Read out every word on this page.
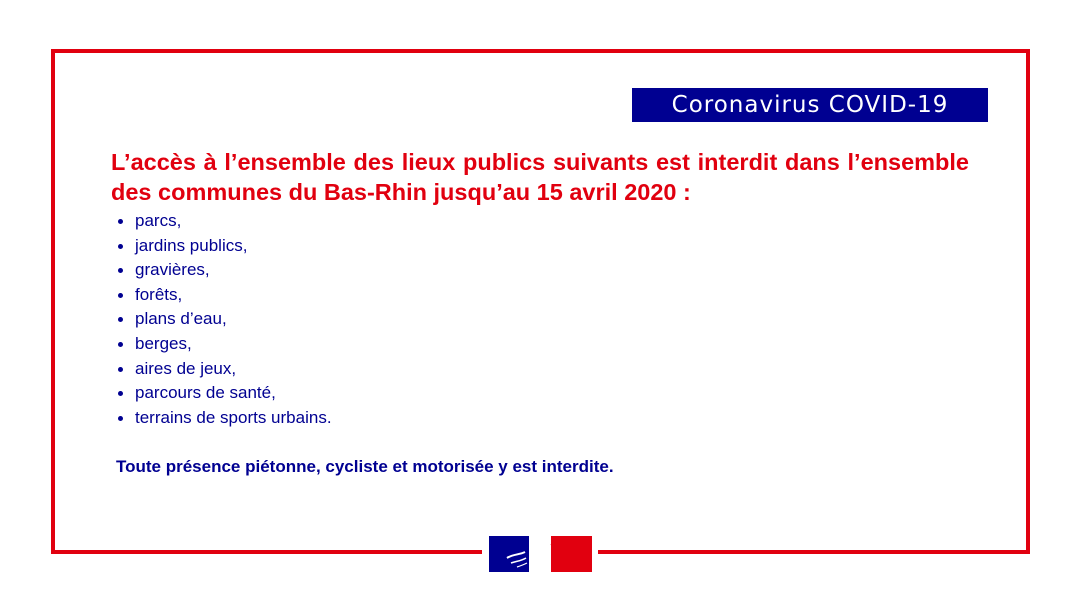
Coronavirus COVID-19

L’accès à l’ensemble des lieux publics suivants est interdit dans l’ensemble des communes du Bas-Rhin jusqu’au 15 avril 2020 :

parcs,
jardins publics,
gravières,
forêts,
plans d’eau,
berges,
aires de jeux,
parcours de santé,
terrains de sports urbains.

Toute présence piétonne, cycliste et motorisée y est interdite.
